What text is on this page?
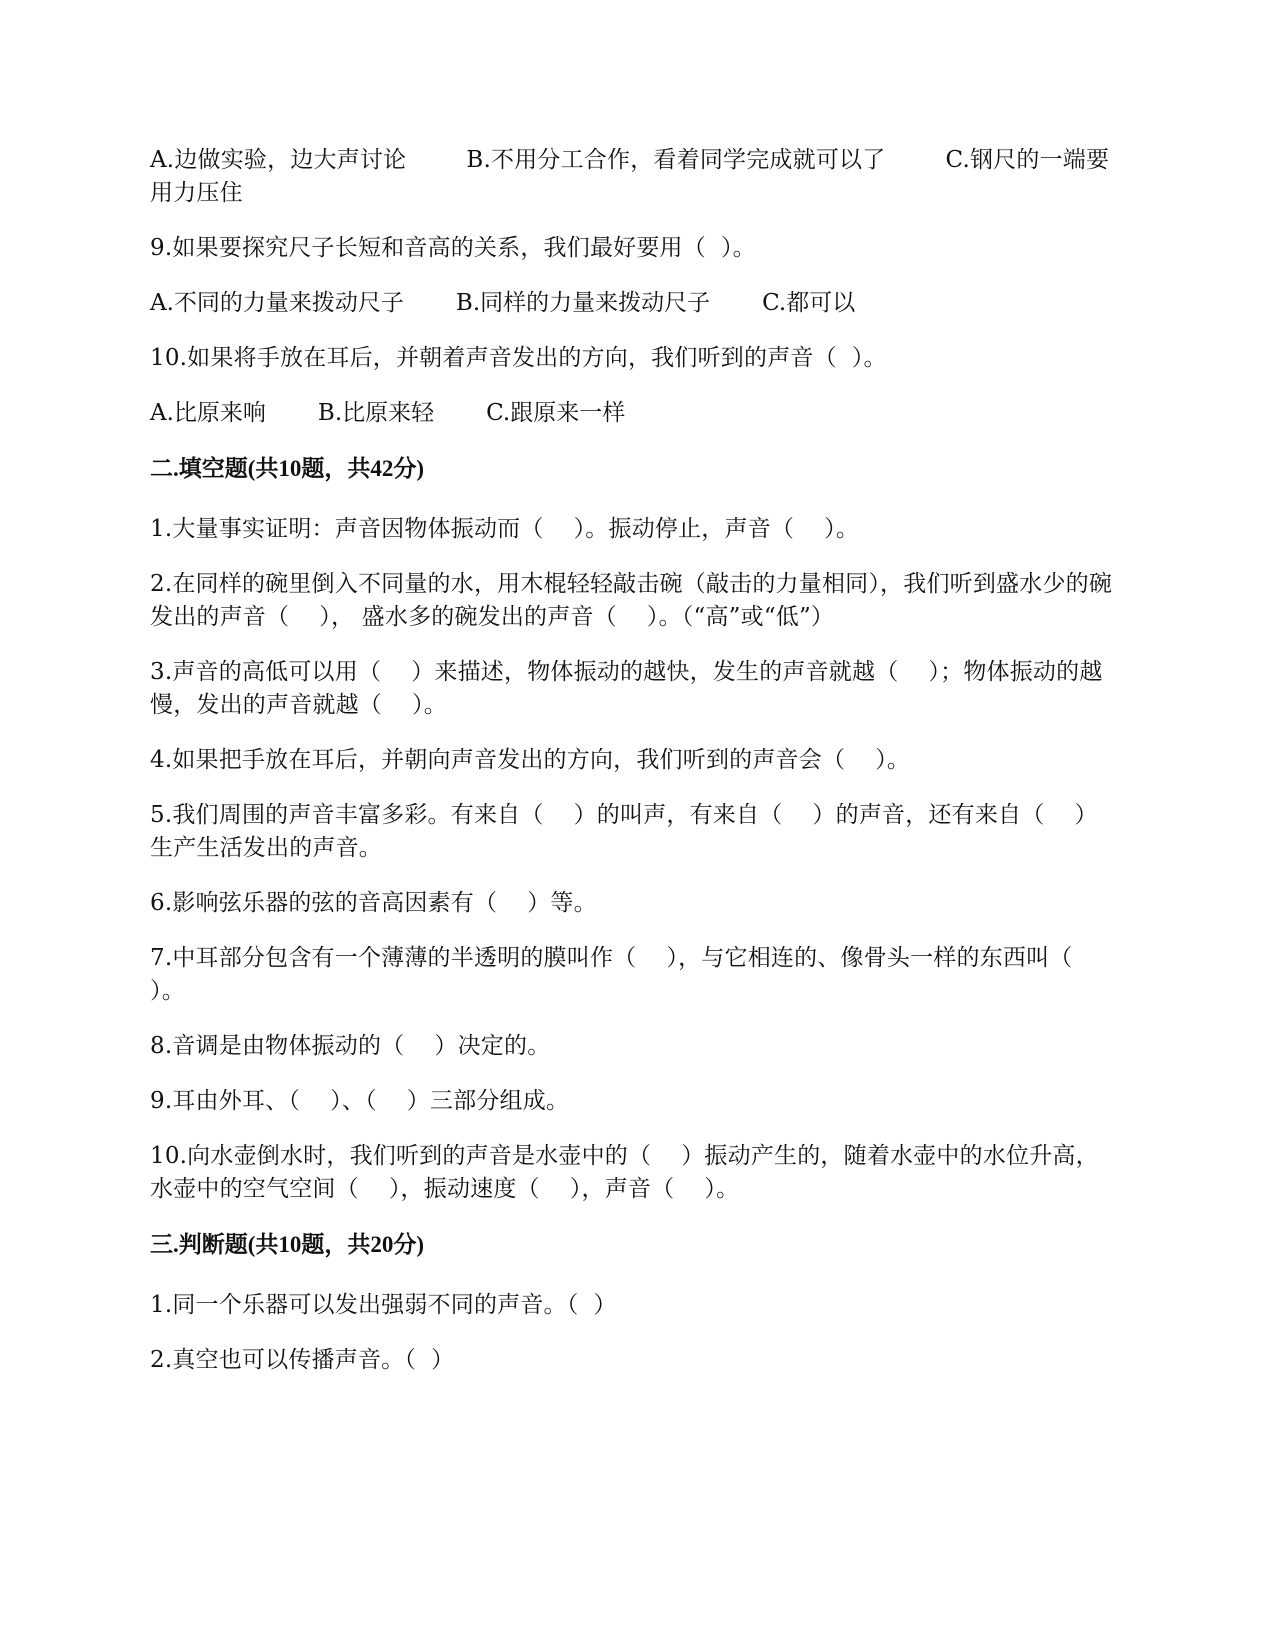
A.边做实验，边大声讨论        B.不用分工合作，看着同学完成就可以了        C.钢尺的一端要用力压住

9.如果要探究尺子长短和音高的关系，我们最好要用（  ）。

A.不同的力量来拨动尺子 B.同样的力量来拨动尺子 C.都可以

10.如果将手放在耳后，并朝着声音发出的方向，我们听到的声音（  ）。

A.比原来响 B.比原来轻 C.跟原来一样

二.填空题(共10题，共42分)

1.大量事实证明：声音因物体振动而（    ）。振动停止，声音（    ）。

2.在同样的碗里倒入不同量的水，用木棍轻轻敲击碗（敲击的力量相同），我们听到盛水少的碗发出的声音（    ）， 盛水多的碗发出的声音（    ）。（“高”或“低”）

3.声音的高低可以用（    ）来描述，物体振动的越快，发生的声音就越（    ）；物体振动的越慢，发出的声音就越（    ）。

4.如果把手放在耳后，并朝向声音发出的方向，我们听到的声音会（    ）。

5.我们周围的声音丰富多彩。有来自（    ）的叫声，有来自（    ）的声音，还有来自（    ）生产生活发出的声音。

6.影响弦乐器的弦的音高因素有（    ）等。

7.中耳部分包含有一个薄薄的半透明的膜叫作（    ），与它相连的、像骨头一样的东西叫（    ）。

8.音调是由物体振动的（    ）决定的。

9.耳由外耳、（    ）、（    ）三部分组成。

10.向水壶倒水时，我们听到的声音是水壶中的（    ）振动产生的，随着水壶中的水位升高，水壶中的空气空间（    ），振动速度（    ），声音（    ）。

三.判断题(共10题，共20分)

1.同一个乐器可以发出强弱不同的声音。（  ）

2.真空也可以传播声音。（  ）
